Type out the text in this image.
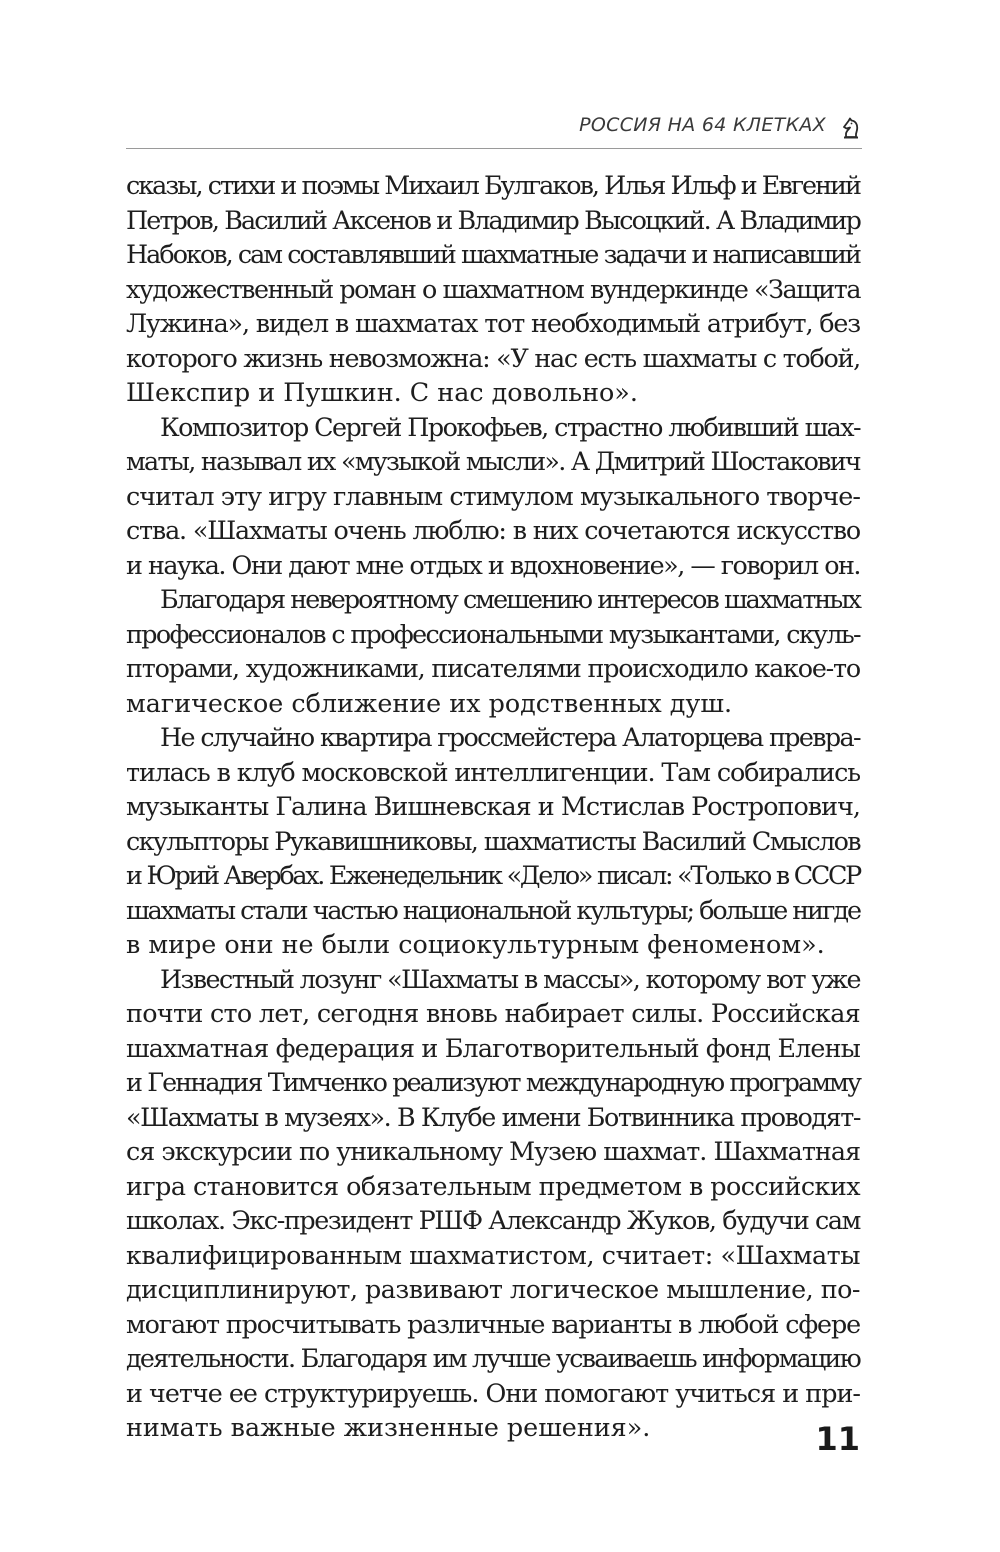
РОССИЯ НА 64 КЛЕТКАХ
сказы, стихи и поэмы Михаил Булгаков, Илья Ильф и Евгений
Петров, Василий Аксенов и Владимир Высоцкий. А Владимир
Набоков, сам составлявший шахматные задачи и написавший
художественный роман о шахматном вундеркинде «Защита
Лужина», видел в шахматах тот необходимый атрибут, без
которого жизнь невозможна: «У нас есть шахматы с тобой,
Шекспир и Пушкин. С нас довольно».
Композитор Сергей Прокофьев, страстно любивший шах-
маты, называл их «музыкой мысли». А Дмитрий Шостакович
считал эту игру главным стимулом музыкального творче-
ства. «Шахматы очень люблю: в них сочетаются искусство
и наука. Они дают мне отдых и вдохновение», — говорил он.
Благодаря невероятному смешению интересов шахматных
профессионалов с профессиональными музыкантами, скуль-
пторами, художниками, писателями происходило какое-то
магическое сближение их родственных душ.
Не случайно квартира гроссмейстера Алаторцева превра-
тилась в клуб московской интеллигенции. Там собирались
музыканты Галина Вишневская и Мстислав Ростропович,
скульпторы Рукавишниковы, шахматисты Василий Смыслов
и Юрий Авербах. Еженедельник «Дело» писал: «Только в СССР
шахматы стали частью национальной культуры; больше нигде
в мире они не были социокультурным феноменом».
Известный лозунг «Шахматы в массы», которому вот уже
почти сто лет, сегодня вновь набирает силы. Российская
шахматная федерация и Благотворительный фонд Елены
и Геннадия Тимченко реализуют международную программу
«Шахматы в музеях». В Клубе имени Ботвинника проводят-
ся экскурсии по уникальному Музею шахмат. Шахматная
игра становится обязательным предметом в российских
школах. Экс-президент РШФ Александр Жуков, будучи сам
квалифицированным шахматистом, считает: «Шахматы
дисциплинируют, развивают логическое мышление, по-
могают просчитывать различные варианты в любой сфере
деятельности. Благодаря им лучше усваиваешь информацию
и четче ее структурируешь. Они помогают учиться и при-
нимать важные жизненные решения».	11
